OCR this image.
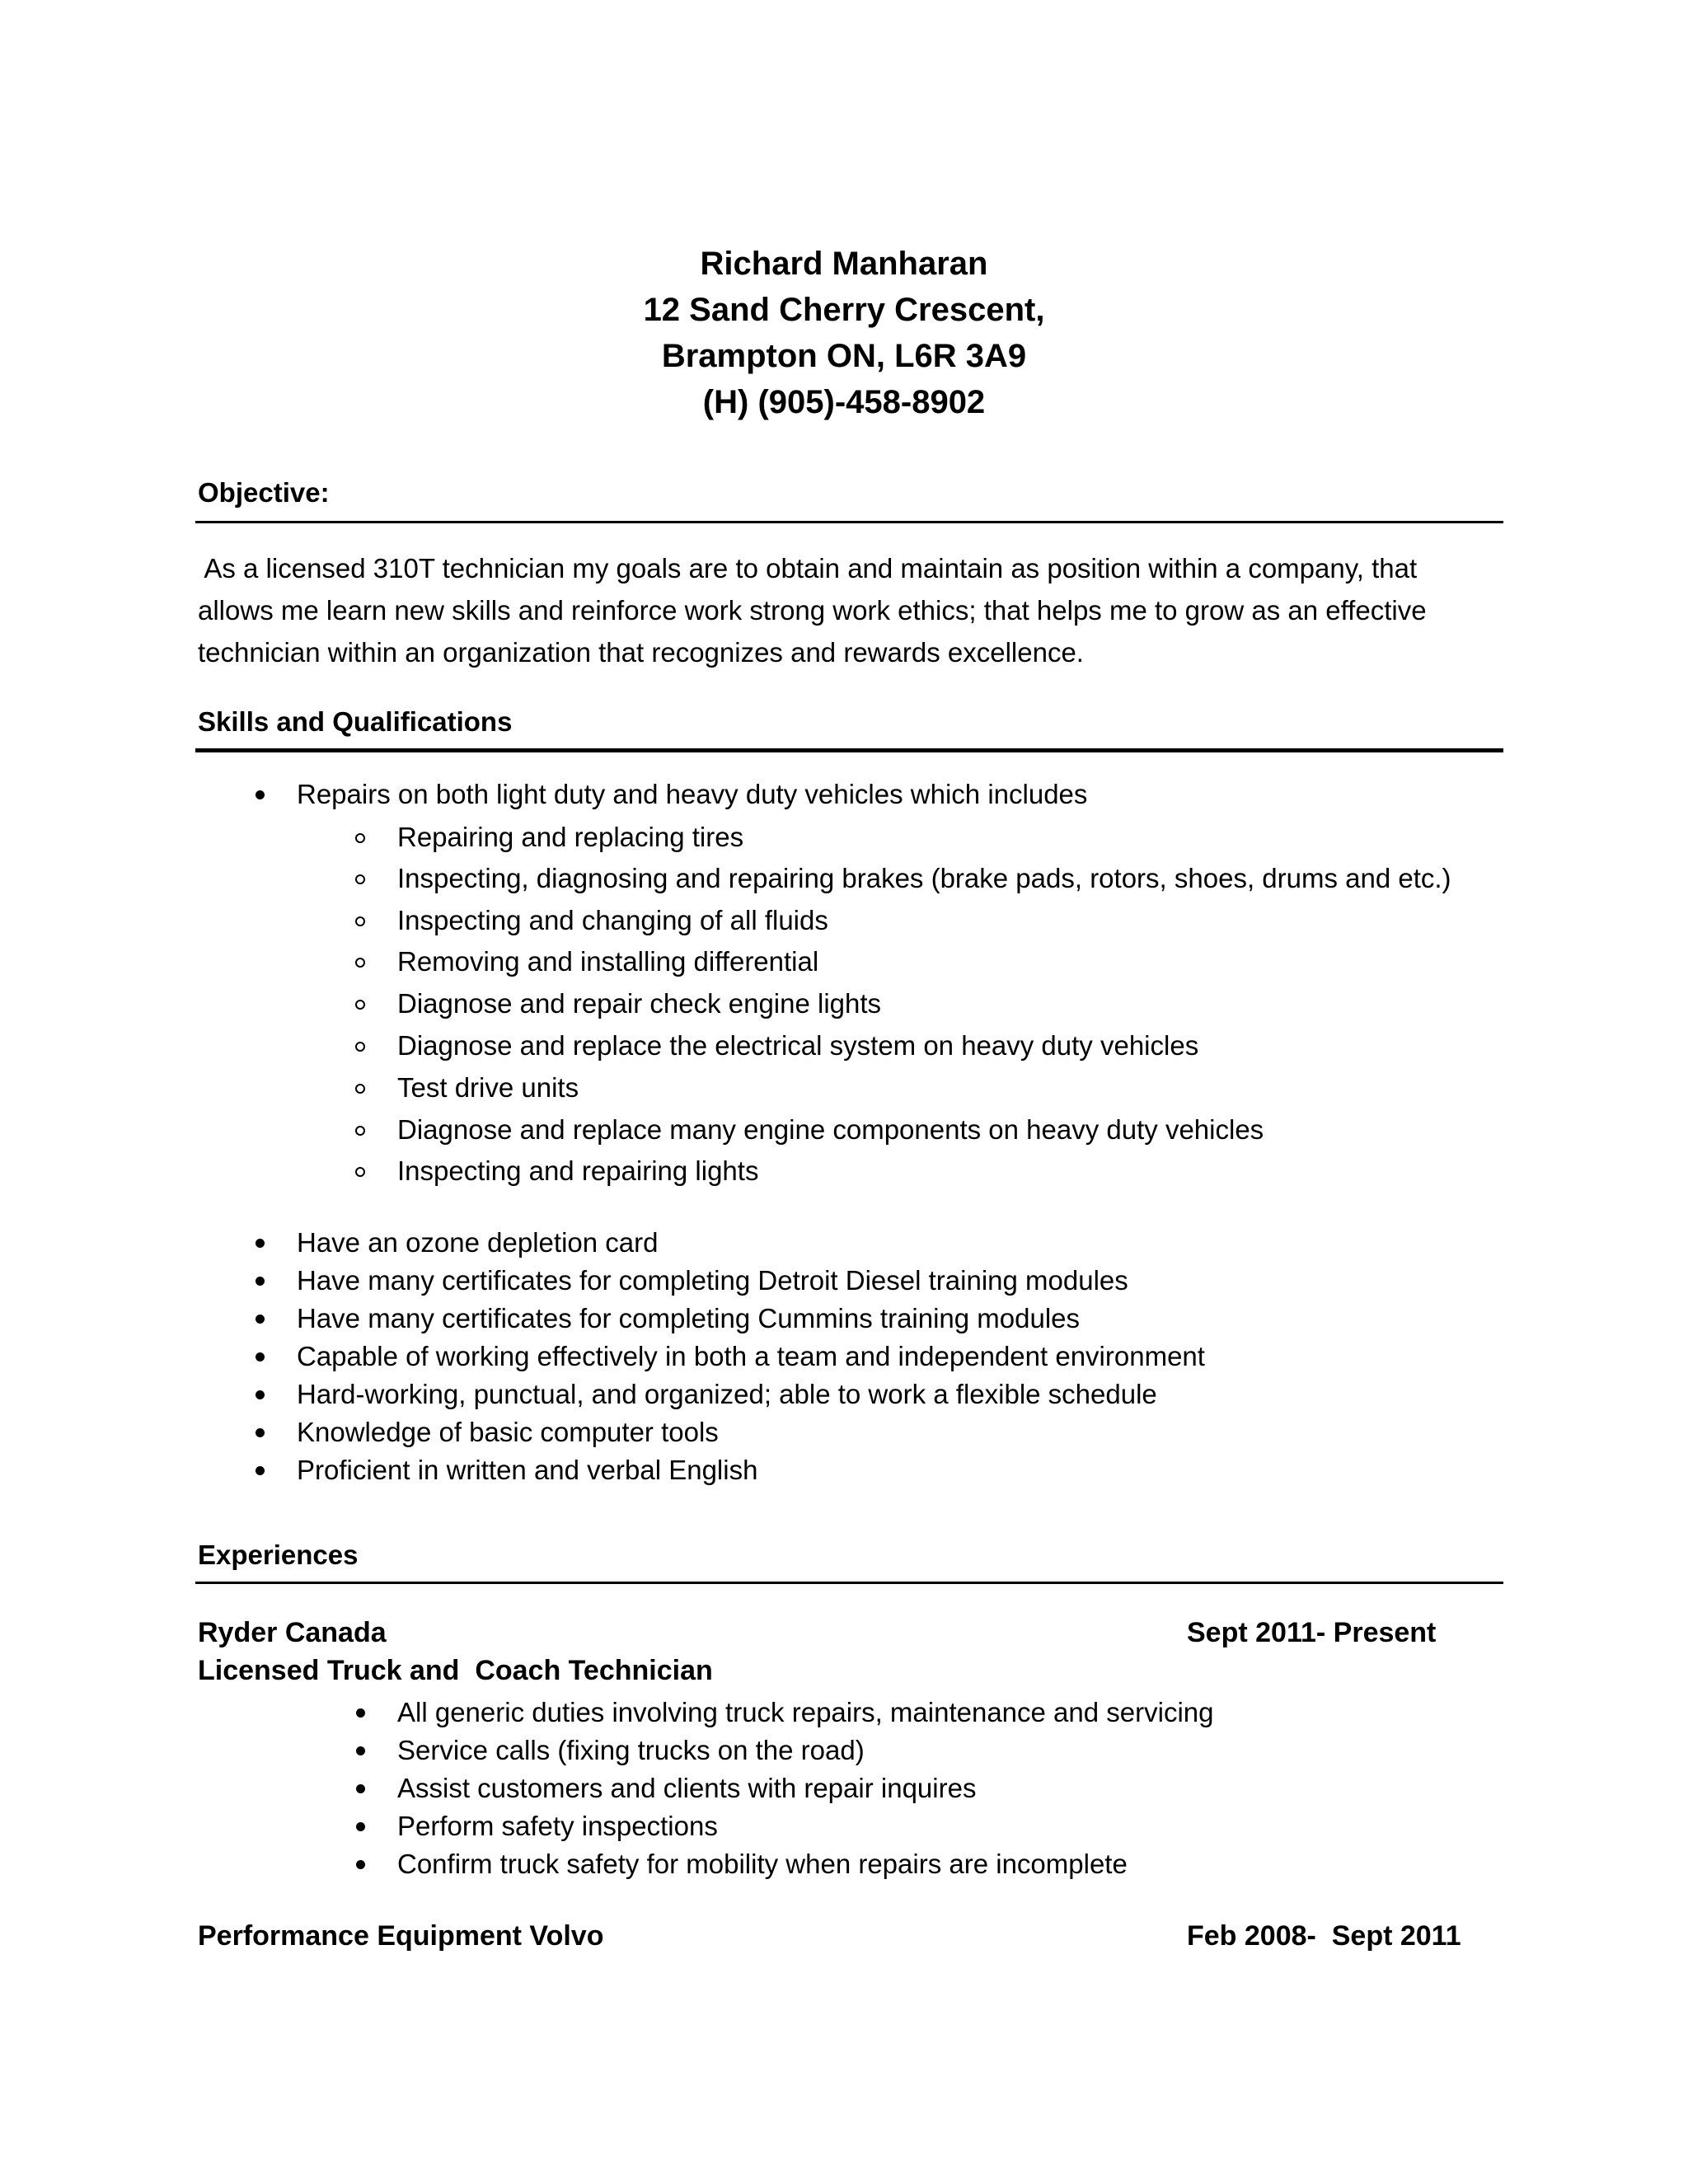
Richard Manharan
12 Sand Cherry Crescent,
Brampton ON, L6R 3A9
(H) (905)-458-8902
Objective:

As a licensed 310T technician my goals are to obtain and maintain as position within a company, that

allows me learn new skills and reinforce work strong work ethics; that helps me to grow as an effective

technician within an organization that recognizes and rewards excellence.

Skills and Qualifications
Repairs on both light duty and heavy duty vehicles which includes
Repairing and replacing tires
Inspecting, diagnosing and repairing brakes (brake pads, rotors, shoes, drums and etc.)
Inspecting and changing of all fluids
Removing and installing differential
Diagnose and repair check engine lights
Diagnose and replace the electrical system on heavy duty vehicles
Test drive units
Diagnose and replace many engine components on heavy duty vehicles
Inspecting and repairing lights
Have an ozone depletion card
Have many certificates for completing Detroit Diesel training modules
Have many certificates for completing Cummins training modules
Capable of working effectively in both a team and independent environment
Hard-working, punctual, and organized; able to work a flexible schedule
Knowledge of basic computer tools
Proficient in written and verbal English
Experiences
Ryder Canada	Sept 2011- Present
Licensed Truck and  Coach Technician
All generic duties involving truck repairs, maintenance and servicing
Service calls (fixing trucks on the road)
Assist customers and clients with repair inquires
Perform safety inspections
Confirm truck safety for mobility when repairs are incomplete
Performance Equipment Volvo	Feb 2008-  Sept 2011
